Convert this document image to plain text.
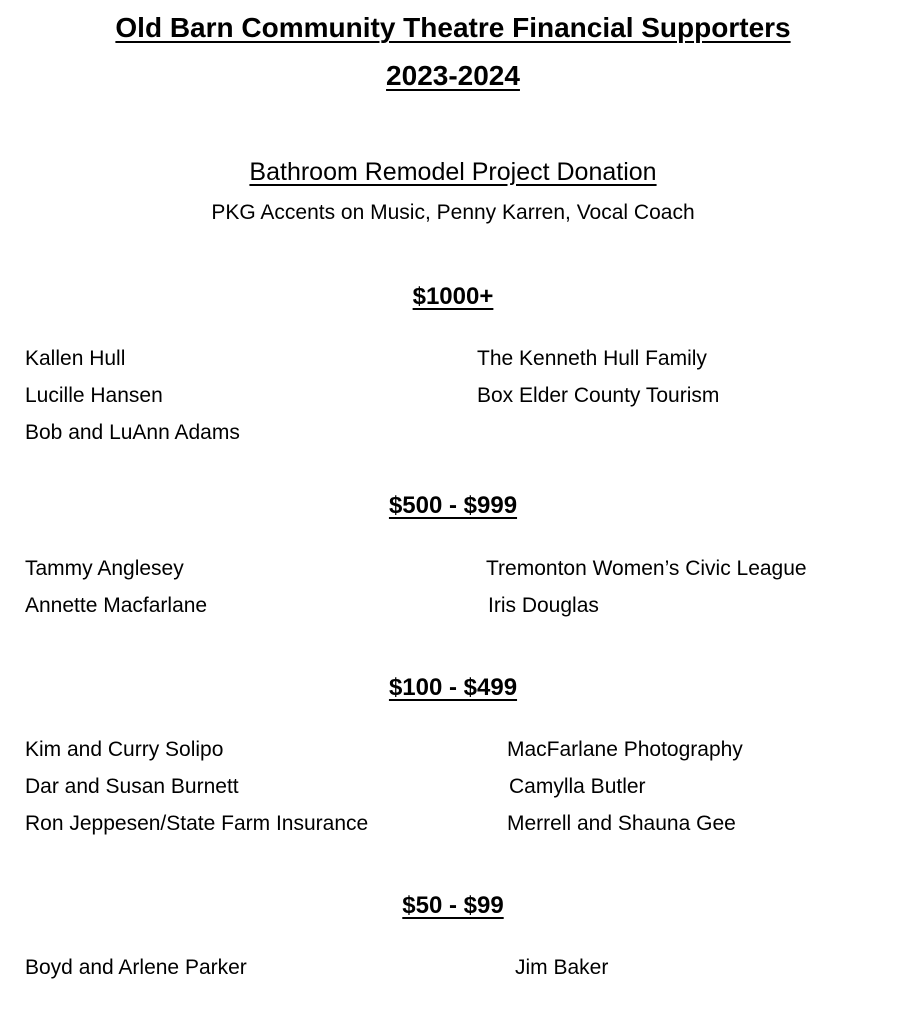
Old Barn Community Theatre Financial Supporters
2023-2024
Bathroom Remodel Project Donation
PKG Accents on Music, Penny Karren, Vocal Coach
$1000+
Kallen Hull
Lucille Hansen
Bob and LuAnn Adams
The Kenneth Hull Family
Box Elder County Tourism
$500 - $999
Tammy Anglesey
Annette Macfarlane
Tremonton Women’s Civic League
Iris Douglas
$100 - $499
Kim and Curry Solipo
Dar and Susan Burnett
Ron Jeppesen/State Farm Insurance
MacFarlane Photography
Camylla Butler
Merrell and Shauna Gee
$50 - $99
Boyd and Arlene Parker	Jim Baker
